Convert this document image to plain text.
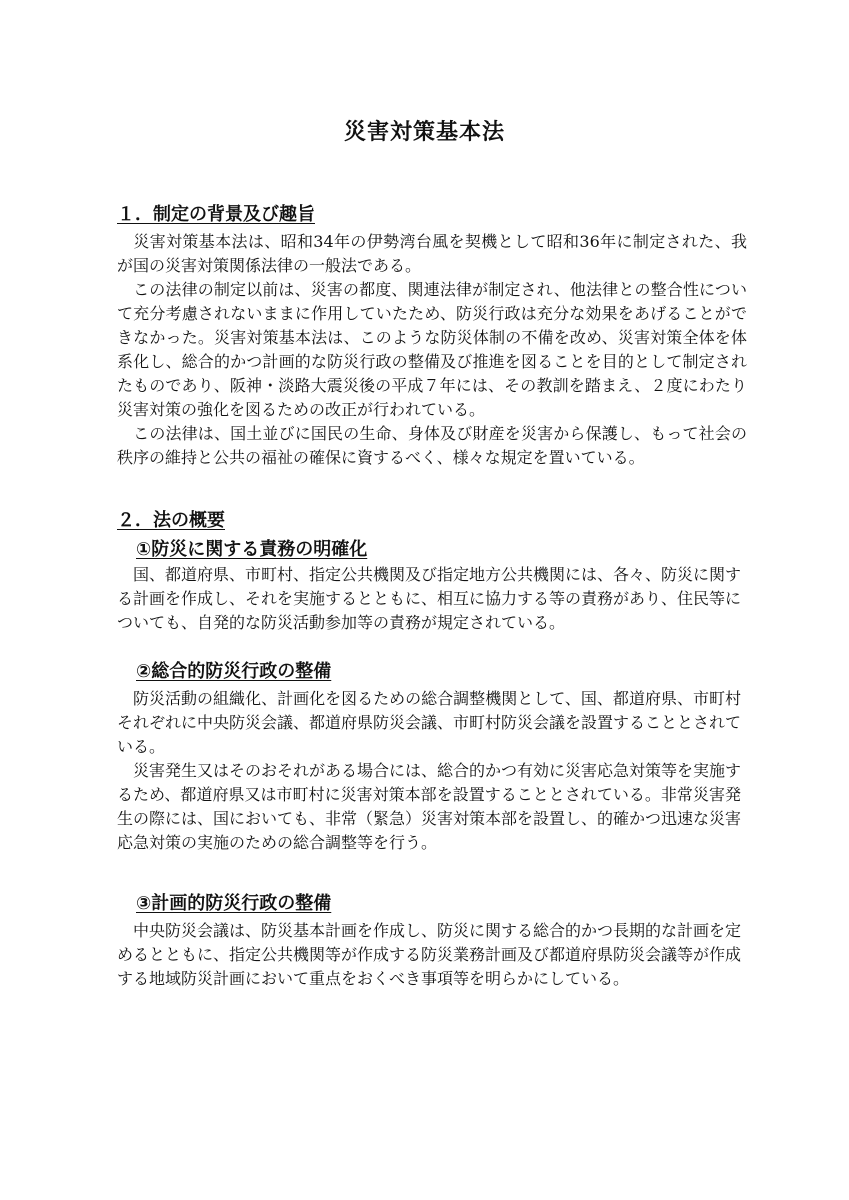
災害対策基本法
１．制定の背景及び趣旨
　災害対策基本法は、昭和34年の伊勢湾台風を契機として昭和36年に制定された、我が国の災害対策関係法律の一般法である。
　この法律の制定以前は、災害の都度、関連法律が制定され、他法律との整合性について充分考慮されないままに作用していたため、防災行政は充分な効果をあげることができなかった。災害対策基本法は、このような防災体制の不備を改め、災害対策全体を体系化し、総合的かつ計画的な防災行政の整備及び推進を図ることを目的として制定されたものであり、阪神・淡路大震災後の平成７年には、その教訓を踏まえ、２度にわたり災害対策の強化を図るための改正が行われている。
　この法律は、国土並びに国民の生命、身体及び財産を災害から保護し、もって社会の秩序の維持と公共の福祉の確保に資するべく、様々な規定を置いている。
２．法の概要
①防災に関する責務の明確化
　国、都道府県、市町村、指定公共機関及び指定地方公共機関には、各々、防災に関する計画を作成し、それを実施するとともに、相互に協力する等の責務があり、住民等についても、自発的な防災活動参加等の責務が規定されている。
②総合的防災行政の整備
　防災活動の組織化、計画化を図るための総合調整機関として、国、都道府県、市町村それぞれに中央防災会議、都道府県防災会議、市町村防災会議を設置することとされている。
　災害発生又はそのおそれがある場合には、総合的かつ有効に災害応急対策等を実施するため、都道府県又は市町村に災害対策本部を設置することとされている。非常災害発生の際には、国においても、非常（緊急）災害対策本部を設置し、的確かつ迅速な災害応急対策の実施のための総合調整等を行う。
③計画的防災行政の整備
　中央防災会議は、防災基本計画を作成し、防災に関する総合的かつ長期的な計画を定めるとともに、指定公共機関等が作成する防災業務計画及び都道府県防災会議等が作成する地域防災計画において重点をおくべき事項等を明らかにしている。
